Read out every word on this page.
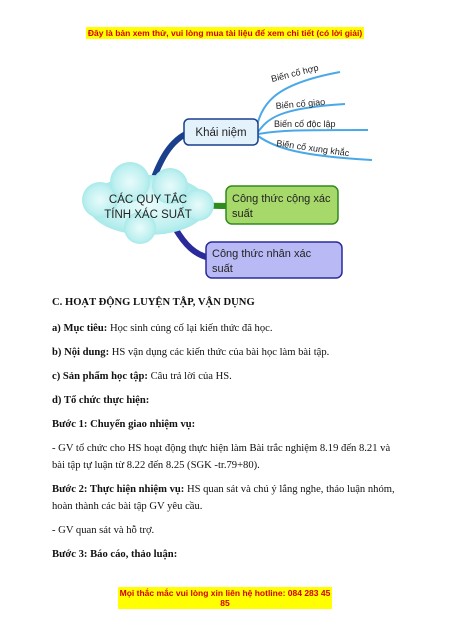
Đây là bản xem thử, vui lòng mua tài liệu để xem chi tiết (có lời giải)
CÁC QUY TẮC
TÍNH XÁC SUẤT
Khái niệm
Biến cố hợp
Biến cố giao
Biến cố độc lập
Biến cố xung khắc
Công thức cộng xác
suất
Công thức nhân xác
suất

C. HOẠT ĐỘNG LUYỆN TẬP, VẬN DỤNG

a) Mục tiêu: Học sinh củng cố lại kiến thức đã học.

b) Nội dung: HS vận dụng các kiến thức của bài học làm bài tập.

c) Sản phẩm học tập: Câu trả lời của HS.

d) Tổ chức thực hiện:

Bước 1: Chuyển giao nhiệm vụ:

- GV tổ chức cho HS hoạt động thực hiện làm Bài trắc nghiệm 8.19 đến 8.21 và bài tập tự luận từ 8.22 đến 8.25 (SGK -tr.79+80).

Bước 2: Thực hiện nhiệm vụ: HS quan sát và chú ý lắng nghe, thảo luận nhóm, hoàn thành các bài tập GV yêu cầu.

- GV quan sát và hỗ trợ.

Bước 3: Báo cáo, thảo luận:

Mọi thắc mắc vui lòng xin liên hệ hotline: 084 283 45 85
